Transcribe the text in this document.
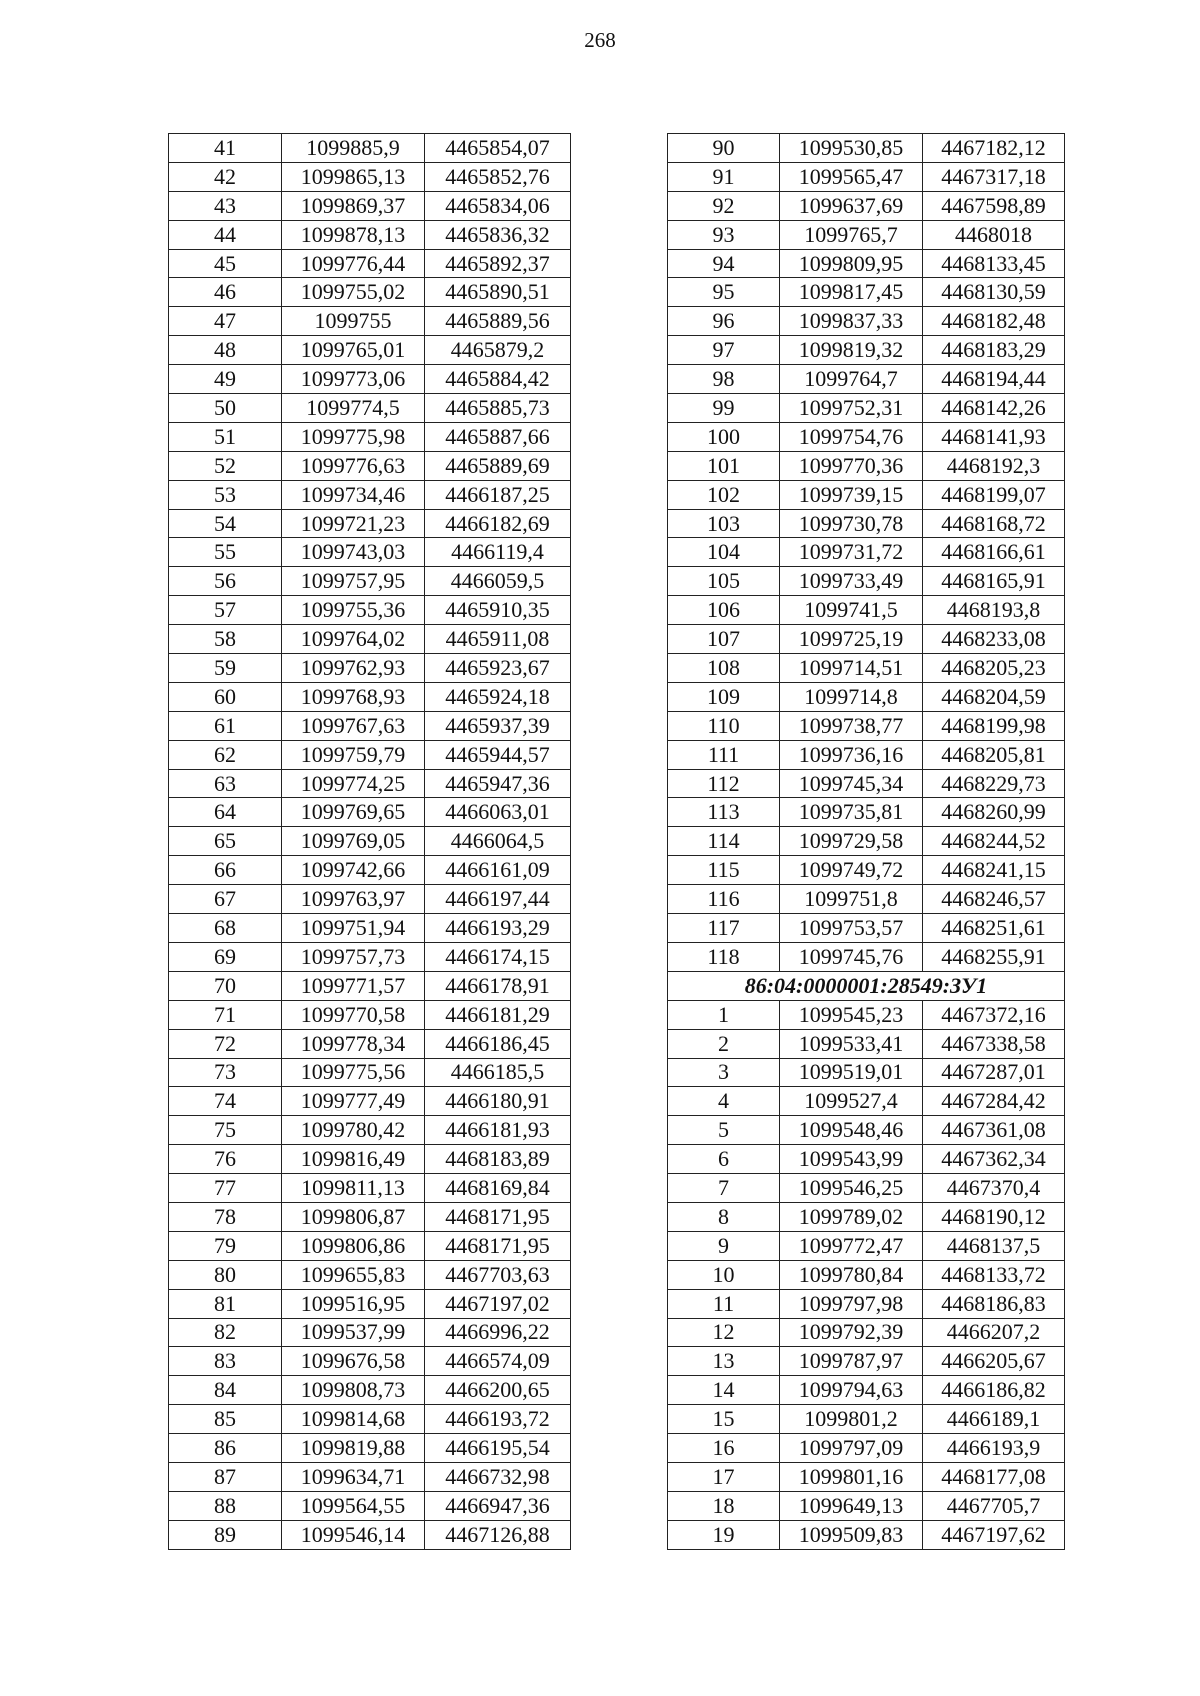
268
41	1099885,9	4465854,07
42	1099865,13	4465852,76
43	1099869,37	4465834,06
44	1099878,13	4465836,32
45	1099776,44	4465892,37
46	1099755,02	4465890,51
47	1099755	4465889,56
48	1099765,01	4465879,2
49	1099773,06	4465884,42
50	1099774,5	4465885,73
51	1099775,98	4465887,66
52	1099776,63	4465889,69
53	1099734,46	4466187,25
54	1099721,23	4466182,69
55	1099743,03	4466119,4
56	1099757,95	4466059,5
57	1099755,36	4465910,35
58	1099764,02	4465911,08
59	1099762,93	4465923,67
60	1099768,93	4465924,18
61	1099767,63	4465937,39
62	1099759,79	4465944,57
63	1099774,25	4465947,36
64	1099769,65	4466063,01
65	1099769,05	4466064,5
66	1099742,66	4466161,09
67	1099763,97	4466197,44
68	1099751,94	4466193,29
69	1099757,73	4466174,15
70	1099771,57	4466178,91
71	1099770,58	4466181,29
72	1099778,34	4466186,45
73	1099775,56	4466185,5
74	1099777,49	4466180,91
75	1099780,42	4466181,93
76	1099816,49	4468183,89
77	1099811,13	4468169,84
78	1099806,87	4468171,95
79	1099806,86	4468171,95
80	1099655,83	4467703,63
81	1099516,95	4467197,02
82	1099537,99	4466996,22
83	1099676,58	4466574,09
84	1099808,73	4466200,65
85	1099814,68	4466193,72
86	1099819,88	4466195,54
87	1099634,71	4466732,98
88	1099564,55	4466947,36
89	1099546,14	4467126,88
90	1099530,85	4467182,12
91	1099565,47	4467317,18
92	1099637,69	4467598,89
93	1099765,7	4468018
94	1099809,95	4468133,45
95	1099817,45	4468130,59
96	1099837,33	4468182,48
97	1099819,32	4468183,29
98	1099764,7	4468194,44
99	1099752,31	4468142,26
100	1099754,76	4468141,93
101	1099770,36	4468192,3
102	1099739,15	4468199,07
103	1099730,78	4468168,72
104	1099731,72	4468166,61
105	1099733,49	4468165,91
106	1099741,5	4468193,8
107	1099725,19	4468233,08
108	1099714,51	4468205,23
109	1099714,8	4468204,59
110	1099738,77	4468199,98
111	1099736,16	4468205,81
112	1099745,34	4468229,73
113	1099735,81	4468260,99
114	1099729,58	4468244,52
115	1099749,72	4468241,15
116	1099751,8	4468246,57
117	1099753,57	4468251,61
118	1099745,76	4468255,91
86:04:0000001:28549:ЗУ1		
1	1099545,23	4467372,16
2	1099533,41	4467338,58
3	1099519,01	4467287,01
4	1099527,4	4467284,42
5	1099548,46	4467361,08
6	1099543,99	4467362,34
7	1099546,25	4467370,4
8	1099789,02	4468190,12
9	1099772,47	4468137,5
10	1099780,84	4468133,72
11	1099797,98	4468186,83
12	1099792,39	4466207,2
13	1099787,97	4466205,67
14	1099794,63	4466186,82
15	1099801,2	4466189,1
16	1099797,09	4466193,9
17	1099801,16	4468177,08
18	1099649,13	4467705,7
19	1099509,83	4467197,62
